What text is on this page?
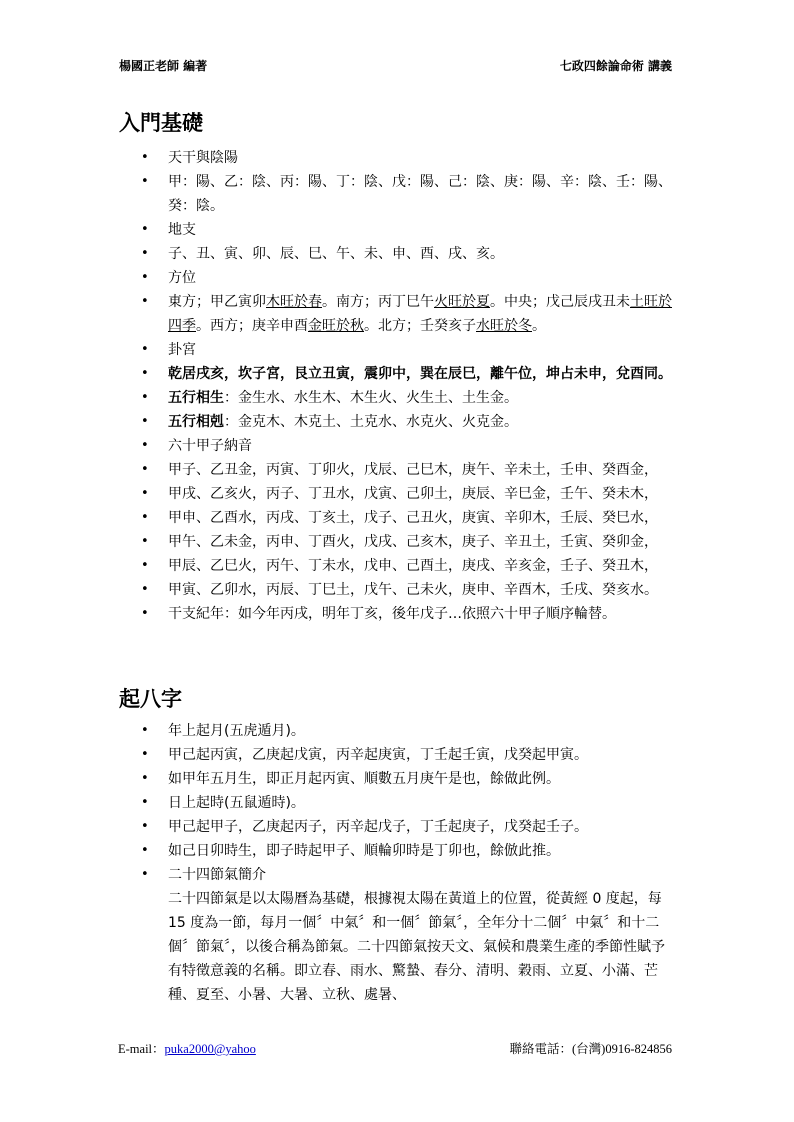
楊國正老師 編著	七政四餘論命術 講義
入門基礎
• 天干與陰陽
• 甲：陽、乙：陰、丙：陽、丁：陰、戊：陽、己：陰、庚：陽、辛：陰、壬：陽、癸：陰。
• 地支
• 子、丑、寅、卯、辰、巳、午、未、申、酉、戌、亥。
• 方位
• 東方；甲乙寅卯木旺於春。南方；丙丁巳午火旺於夏。中央；戊己辰戌丑未土旺於四季。西方；庚辛申酉金旺於秋。北方；壬癸亥子水旺於冬。
• 卦宮
• 乾居戌亥，坎子宮，艮立丑寅，震卯中，巽在辰巳，離午位，坤占未申，兌酉同。
• 五行相生：金生水、水生木、木生火、火生土、土生金。
• 五行相剋：金克木、木克土、土克水、水克火、火克金。
• 六十甲子納音
• 甲子、乙丑金，丙寅、丁卯火，戊辰、己巳木，庚午、辛未土，壬申、癸酉金，
• 甲戌、乙亥火，丙子、丁丑水，戊寅、己卯土，庚辰、辛巳金，壬午、癸未木，
• 甲申、乙酉水，丙戌、丁亥土，戊子、己丑火，庚寅、辛卯木，壬辰、癸巳水，
• 甲午、乙未金，丙申、丁酉火，戊戌、己亥木，庚子、辛丑土，壬寅、癸卯金，
• 甲辰、乙巳火，丙午、丁未水，戊申、己酉土，庚戌、辛亥金，壬子、癸丑木，
• 甲寅、乙卯水，丙辰、丁巳土，戊午、己未火，庚申、辛酉木，壬戌、癸亥水。
• 干支紀年：如今年丙戌，明年丁亥，後年戊子…依照六十甲子順序輪替。
起八字
• 年上起月(五虎遁月)。
• 甲己起丙寅，乙庚起戊寅，丙辛起庚寅，丁壬起壬寅，戊癸起甲寅。
• 如甲年五月生，即正月起丙寅、順數五月庚午是也，餘做此例。
• 日上起時(五鼠遁時)。
• 甲己起甲子，乙庚起丙子，丙辛起戊子，丁壬起庚子，戊癸起壬子。
• 如己日卯時生，即子時起甲子、順輪卯時是丁卯也，餘倣此推。
• 二十四節氣簡介
二十四節氣是以太陽曆為基礎，根據視太陽在黃道上的位置，從黃經 0 度起，每 15 度為一節，每月一個〞中氣〞和一個〞節氣〞，全年分十二個〞中氣〞和十二個〞節氣〞，以後合稱為節氣。二十四節氣按天文、氣候和農業生產的季節性賦予有特徵意義的名稱。即立春、雨水、驚蟄、春分、清明、穀雨、立夏、小滿、芒種、夏至、小暑、大暑、立秋、處暑、
E-mail：puka2000@yahoo	聯絡電話：(台灣)0916-824856
